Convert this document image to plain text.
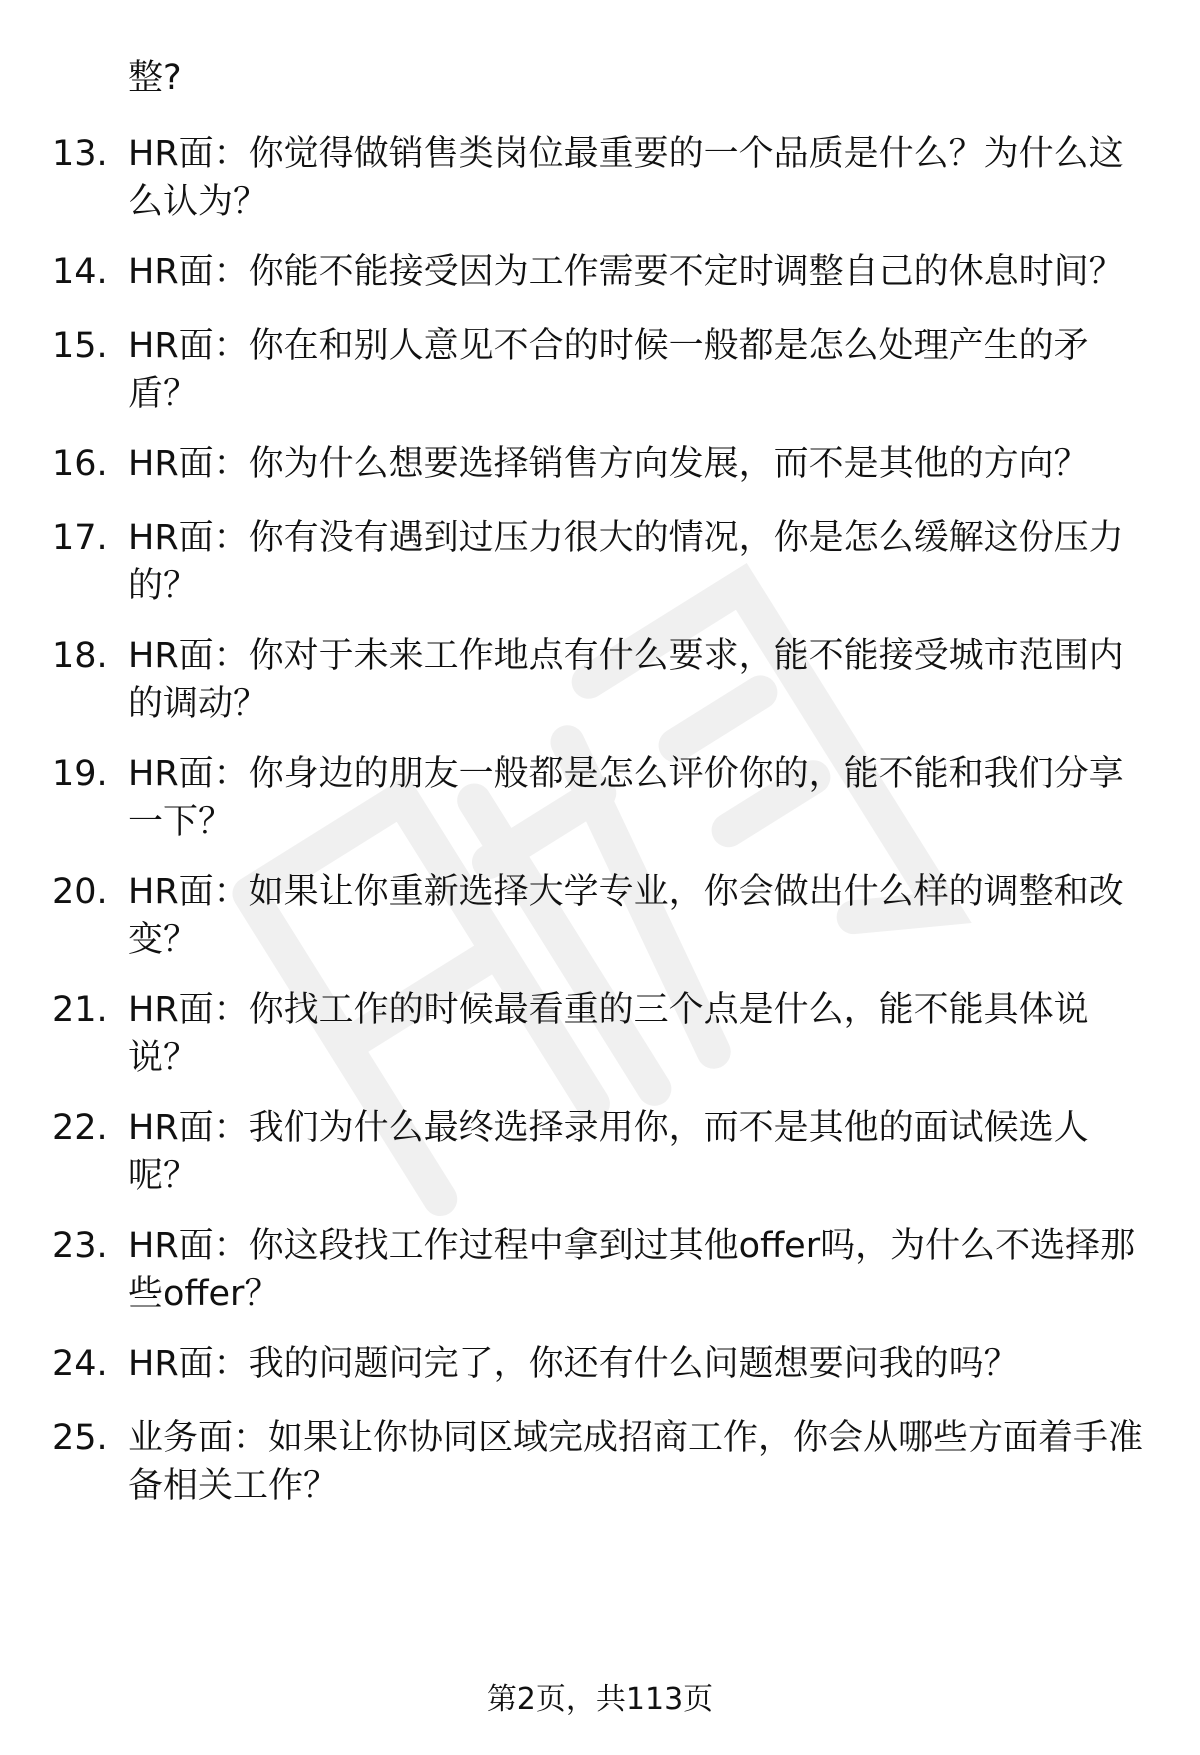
整?
13. HR面：你觉得做销售类岗位最重要的一个品质是什么？为什么这么认为？
14. HR面：你能不能接受因为工作需要不定时调整自己的休息时间？
15. HR面：你在和别人意见不合的时候一般都是怎么处理产生的矛盾？
16. HR面：你为什么想要选择销售方向发展，而不是其他的方向？
17. HR面：你有没有遇到过压力很大的情况，你是怎么缓解这份压力的？
18. HR面：你对于未来工作地点有什么要求，能不能接受城市范围内的调动？
19. HR面：你身边的朋友一般都是怎么评价你的，能不能和我们分享一下？
20. HR面：如果让你重新选择大学专业，你会做出什么样的调整和改变？
21. HR面：你找工作的时候最看重的三个点是什么，能不能具体说说？
22. HR面：我们为什么最终选择录用你，而不是其他的面试候选人呢？
23. HR面：你这段找工作过程中拿到过其他offer吗，为什么不选择那些offer？
24. HR面：我的问题问完了，你还有什么问题想要问我的吗？
25. 业务面：如果让你协同区域完成招商工作，你会从哪些方面着手准备相关工作？
第2页，共113页
